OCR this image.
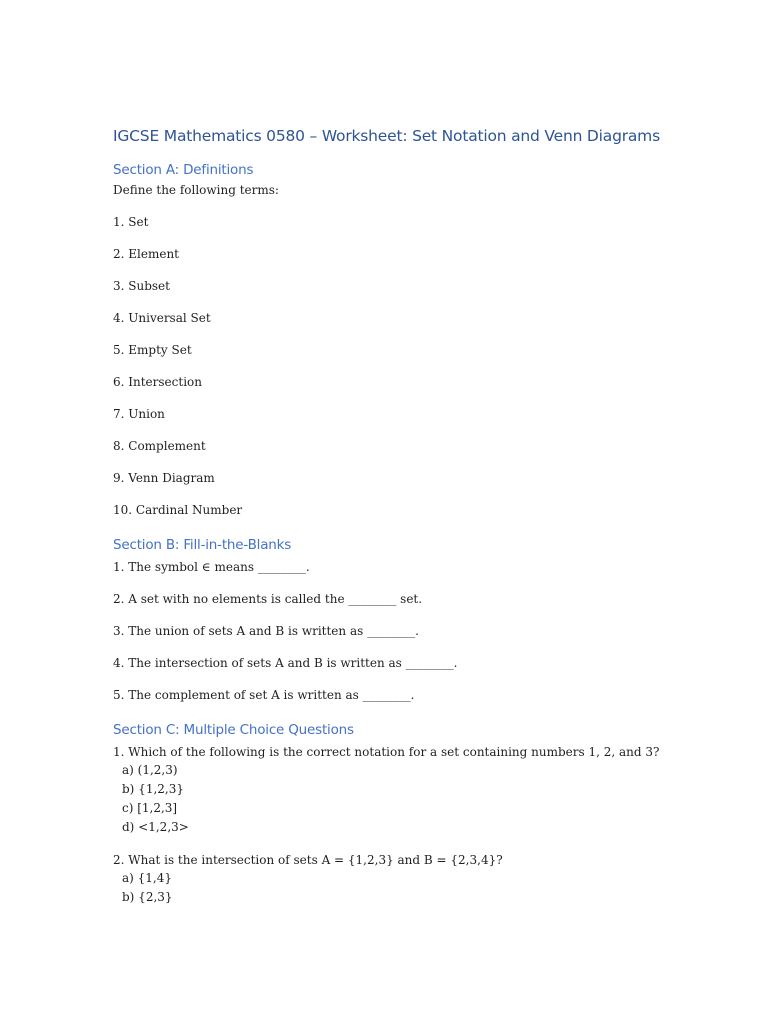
IGCSE Mathematics 0580 – Worksheet: Set Notation and Venn Diagrams
Section A: Definitions

Define the following terms:

1. Set

2. Element

3. Subset

4. Universal Set

5. Empty Set

6. Intersection

7. Union

8. Complement

9. Venn Diagram

10. Cardinal Number

Section B: Fill-in-the-Blanks

1. The symbol ∈ means ________.

2. A set with no elements is called the ________ set.

3. The union of sets A and B is written as ________.

4. The intersection of sets A and B is written as ________.

5. The complement of set A is written as ________.

Section C: Multiple Choice Questions

1. Which of the following is the correct notation for a set containing numbers 1, 2, and 3?

a) (1,2,3)

b) {1,2,3}

c) [1,2,3]

d) <1,2,3>

2. What is the intersection of sets A = {1,2,3} and B = {2,3,4}?

a) {1,4}

b) {2,3}
